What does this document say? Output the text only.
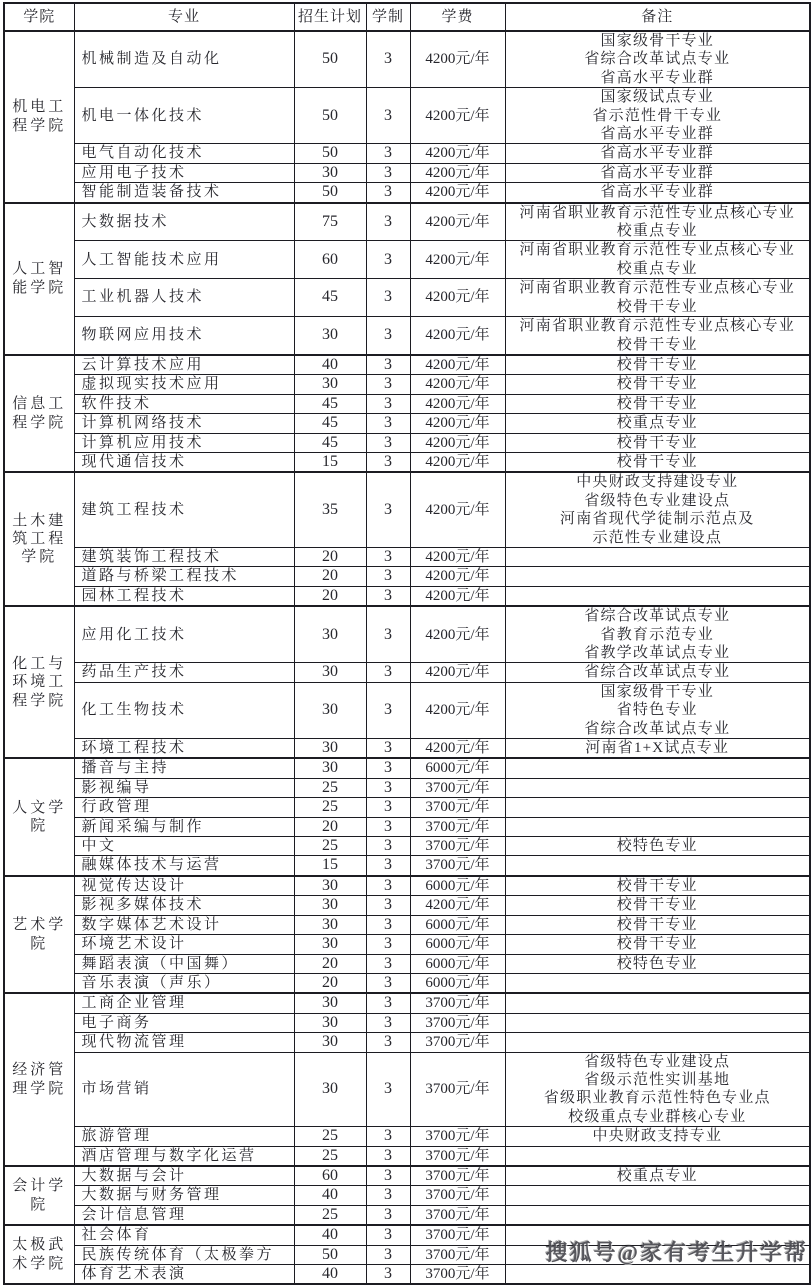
学院	专业	招生计划	学制	学费	备注
机电工程学院	机械制造及自动化	50	3	4200元/年	国家级骨干专业
省综合改革试点专业
省高水平专业群

	机电一体化技术	50	3	4200元/年	国家级试点专业
省示范性骨干专业
省高水平专业群

	电气自动化技术	50	3	4200元/年	省高水平专业群

	应用电子技术	30	3	4200元/年	省高水平专业群

	智能制造装备技术	50	3	4200元/年	省高水平专业群

人工智能学院	大数据技术	75	3	4200元/年	河南省职业教育示范性专业点核心专业
校重点专业

	人工智能技术应用	60	3	4200元/年	河南省职业教育示范性专业点核心专业
校重点专业

	工业机器人技术	45	3	4200元/年	河南省职业教育示范性专业点核心专业
校骨干专业

	物联网应用技术	30	3	4200元/年	河南省职业教育示范性专业点核心专业
校骨干专业

信息工程学院	云计算技术应用	40	3	4200元/年	校骨干专业

	虚拟现实技术应用	30	3	4200元/年	校骨干专业

	软件技术	45	3	4200元/年	校骨干专业

	计算机网络技术	45	3	4200元/年	校重点专业

	计算机应用技术	45	3	4200元/年	校骨干专业

	现代通信技术	15	3	4200元/年	校骨干专业

土木建筑工程学院	建筑工程技术	35	3	4200元/年	中央财政支持建设专业
省级特色专业建设点
河南省现代学徒制示范点及
示范性专业建设点

	建筑装饰工程技术	20	3	4200元/年	
	道路与桥梁工程技术	20	3	4200元/年	
	园林工程技术	20	3	4200元/年	
化工与环境工程学院	应用化工技术	30	3	4200元/年	省综合改革试点专业
省教育示范专业
省教学改革试点专业

	药品生产技术	30	3	4200元/年	省综合改革试点专业

	化工生物技术	30	3	4200元/年	国家级骨干专业
省特色专业
省综合改革试点专业

	环境工程技术	30	3	4200元/年	河南省1+X试点专业

人文学院	播音与主持	30	3	6000元/年	
	影视编导	25	3	3700元/年	
	行政管理	25	3	3700元/年	
	新闻采编与制作	20	3	3700元/年	
	中文	25	3	3700元/年	校特色专业

	融媒体技术与运营	15	3	3700元/年	
艺术学院	视觉传达设计	30	3	6000元/年	校骨干专业

	影视多媒体技术	30	3	4200元/年	校骨干专业

	数字媒体艺术设计	30	3	6000元/年	校骨干专业

	环境艺术设计	30	3	6000元/年	校骨干专业

	舞蹈表演（中国舞）	20	3	6000元/年	校特色专业

	音乐表演（声乐）	20	3	6000元/年	
经济管理学院	工商企业管理	30	3	3700元/年	
	电子商务	30	3	3700元/年	
	现代物流管理	30	3	3700元/年	
	市场营销	30	3	3700元/年	省级特色专业建设点
省级示范性实训基地
省级职业教育示范性特色专业点
校级重点专业群核心专业

	旅游管理	25	3	3700元/年	中央财政支持专业

	酒店管理与数字化运营	25	3	3700元/年	
会计学院	大数据与会计	60	3	3700元/年	校重点专业

	大数据与财务管理	40	3	3700元/年	
	会计信息管理	25	3	3700元/年	
太极武术学院	社会体育	40	3	3700元/年	
	民族传统体育（太极拳方	50	3	3700元/年	
	体育艺术表演	40	3	3700元/年	
搜狐号@家有考生升学帮
